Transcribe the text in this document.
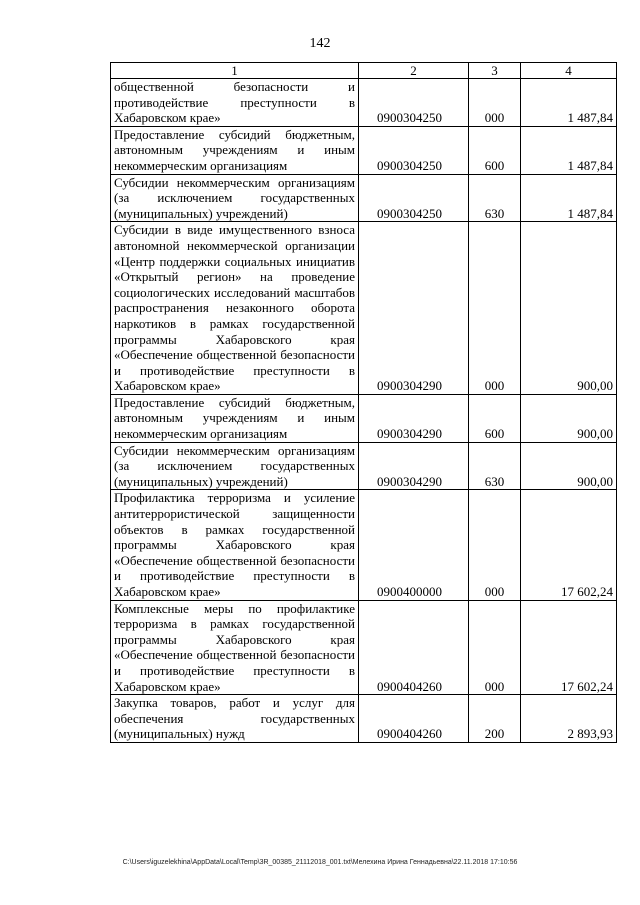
142
1	2	3	4
общественной безопасности и противодействие преступности в Хабаровском крае»	0900304250	000	1 487,84
Предоставление субсидий бюджетным, автономным учреждениям и иным некоммерческим организациям	0900304250	600	1 487,84
Субсидии некоммерческим организациям (за исключением государственных (муниципальных) учреждений)	0900304250	630	1 487,84
Субсидии в виде имущественного взноса автономной некоммерческой организации «Центр поддержки социальных инициатив «Открытый регион» на проведение социологических исследований масштабов распространения незаконного оборота наркотиков в рамках государственной программы Хабаровского края «Обеспечение общественной безопасности и противодействие преступности в Хабаровском крае»	0900304290	000	900,00
Предоставление субсидий бюджетным, автономным учреждениям и иным некоммерческим организациям	0900304290	600	900,00
Субсидии некоммерческим организациям (за исключением государственных (муниципальных) учреждений)	0900304290	630	900,00
Профилактика терроризма и усиление антитеррористической защищенности объектов в рамках государственной программы Хабаровского края «Обеспечение общественной безопасности и противодействие преступности в Хабаровском крае»	0900400000	000	17 602,24
Комплексные меры по профилактике терроризма в рамках государственной программы Хабаровского края «Обеспечение общественной безопасности и противодействие преступности в Хабаровском крае»	0900404260	000	17 602,24
Закупка товаров, работ и услуг для обеспечения государственных (муниципальных) нужд	0900404260	200	2 893,93
C:\Users\iguzelekhina\AppData\Local\Temp\3R_00385_21112018_001.txt\Мелехина Ирина Геннадьевна\22.11.2018 17:10:56
